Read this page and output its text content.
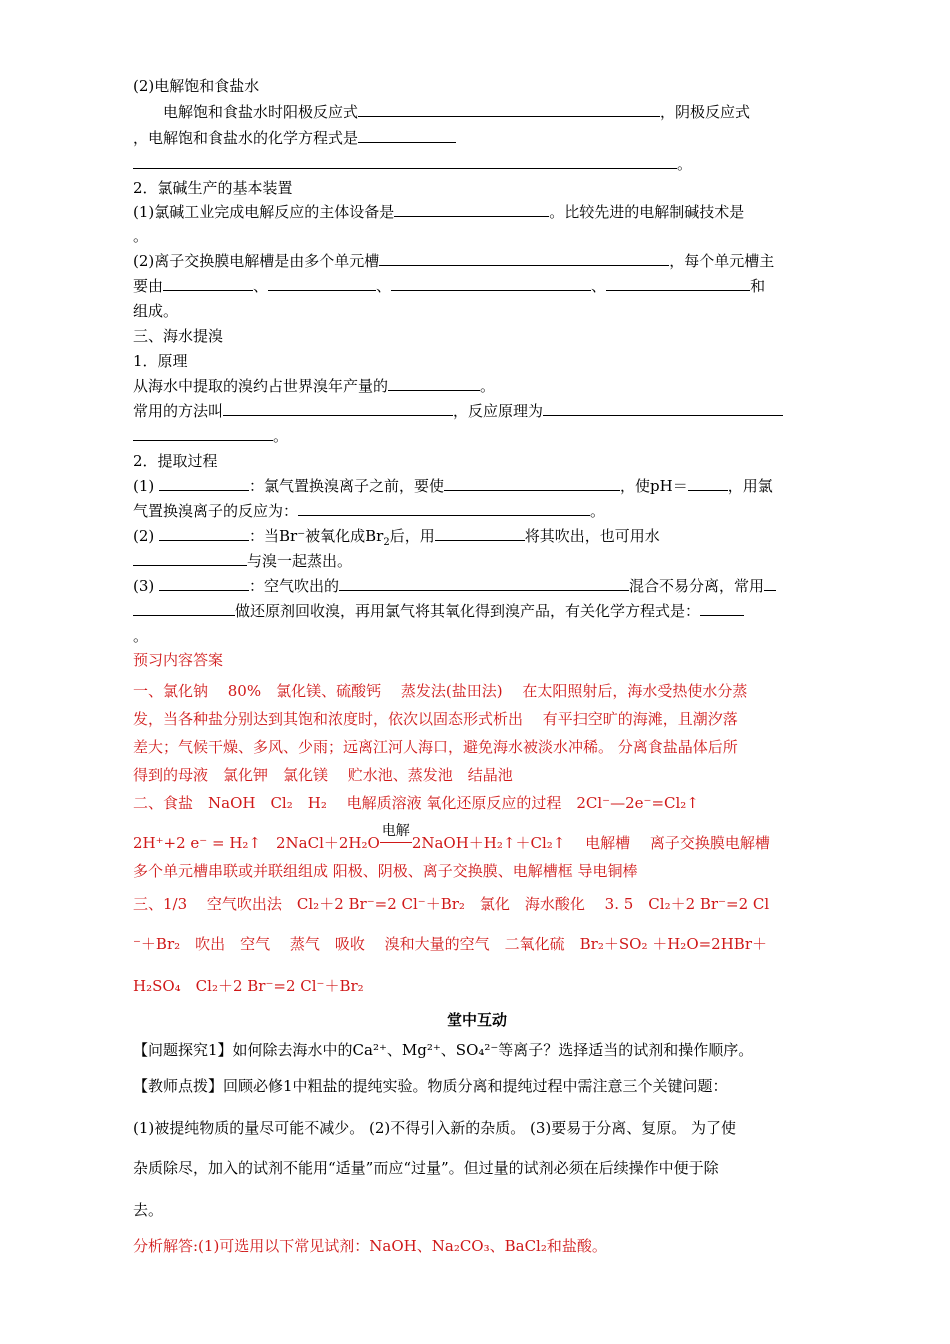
(2)电解饱和食盐水
电解饱和食盐水时阳极反应式	，阴极反应式
，电解饱和食盐水的化学方程式是
。
2．氯碱生产的基本装置
(1)氯碱工业完成电解反应的主体设备是	。比较先进的电解制碱技术是
。
(2)离子交换膜电解槽是由多个单元槽	，每个单元槽主
要由	、	、	、	和
组成。
三、海水提溴
1．原理
从海水中提取的溴约占世界溴年产量的	。
常用的方法叫	，反应原理为
。
2．提取过程
(1)	：氯气置换溴离子之前，要使	，使pH＝	，用氯
气置换溴离子的反应为：	。
(2)	：当Br⁻被氧化成$Br_2$后，用	将其吹出，也可用水
与溴一起蒸出。
(3)	：空气吹出的	混合不易分离，常用
做还原剂回收溴，再用氯气将其氧化得到溴产品，有关化学方程式是：
。
预习内容答案
一、氯化钠　 80%　氯化镁、硫酸钙　 蒸发法(盐田法)　 在太阳照射后，海水受热使水分蒸
发，当各种盐分别达到其饱和浓度时，依次以固态形式析出　 有平扫空旷的海滩，且潮汐落
差大；气候干燥、多风、少雨；远离江河人海口，避免海水被淡水冲稀。 分离食盐晶体后所
得到的母液　氯化钾　氯化镁　 贮水池、蒸发池　结晶池
二、食盐　NaOH　Cl₂　H₂　 电解质溶液 氧化还原反应的过程　2Cl⁻—2e⁻=Cl₂↑
2H⁺+2 e⁻ = H₂↑　2NaCl＋2H₂O
电解
2NaOH＋H₂↑＋Cl₂↑　 电解槽　 离子交换膜电解槽
多个单元槽串联或并联组组成 阳极、阴极、离子交换膜、电解槽框 导电铜棒
三、1/3　 空气吹出法　Cl₂＋2 Br⁻=2 Cl⁻＋Br₂　氯化　海水酸化　 3. 5　Cl₂＋2 Br⁻=2 Cl
⁻＋Br₂　吹出　空气　 蒸气　吸收　 溴和大量的空气　二氧化硫　Br₂＋SO₂ ＋H₂O=2HBr＋
H₂SO₄　Cl₂＋2 Br⁻=2 Cl⁻＋Br₂
堂中互动
【问题探究1】如何除去海水中的Ca²⁺、Mg²⁺、SO₄²⁻等离子？选择适当的试剂和操作顺序。
【教师点拨】回顾必修1中粗盐的提纯实验。物质分离和提纯过程中需注意三个关键问题：
(1)被提纯物质的量尽可能不减少。 (2)不得引入新的杂质。 (3)要易于分离、复原。 为了使
杂质除尽，加入的试剂不能用“适量”而应“过量”。但过量的试剂必须在后续操作中便于除
去。
分析解答:(1)可选用以下常见试剂：NaOH、Na₂CO₃、BaCl₂和盐酸。
